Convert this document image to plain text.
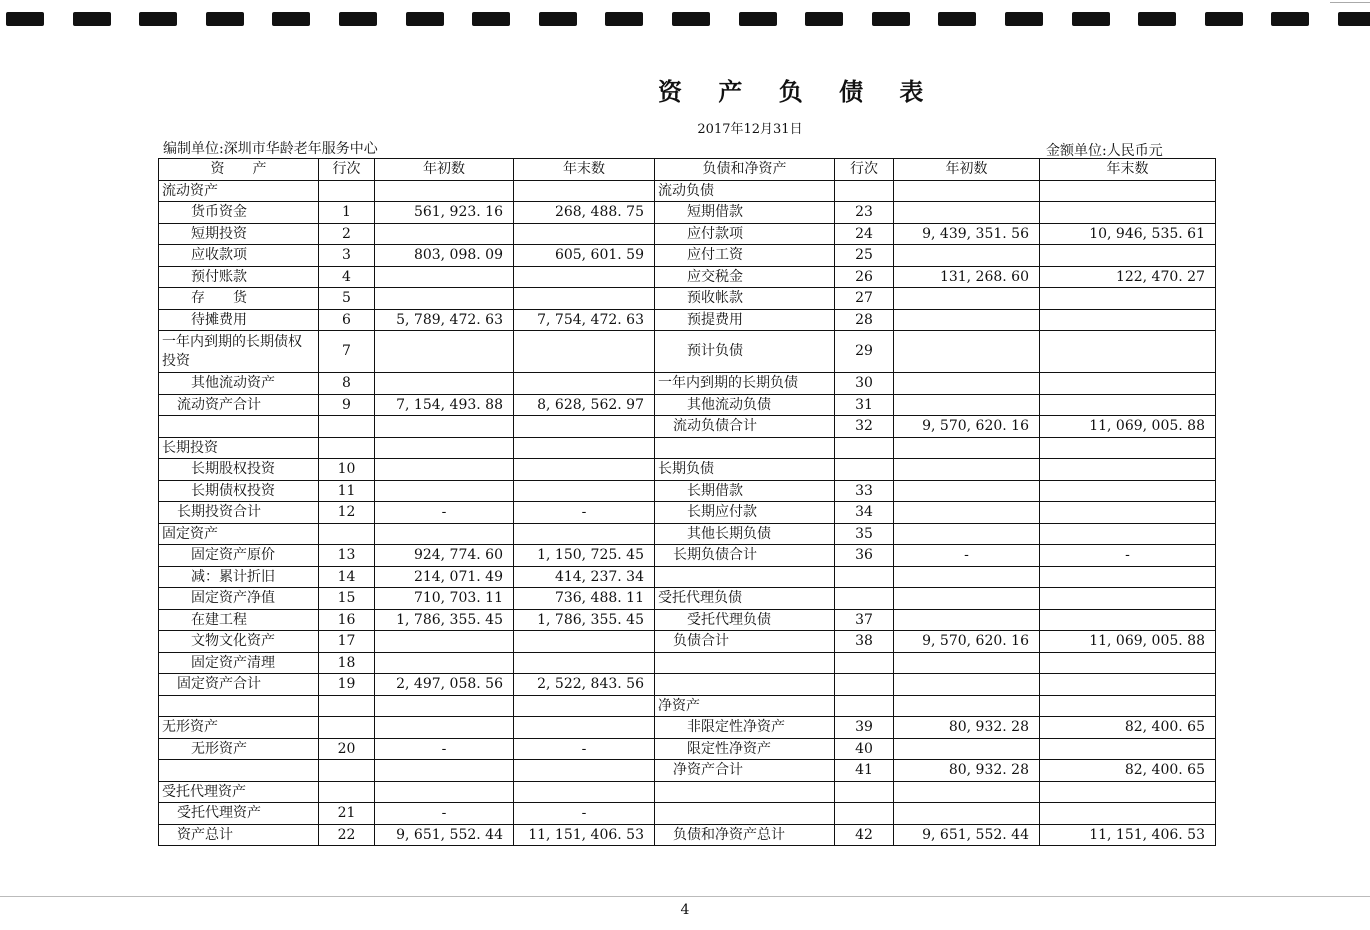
资 产 负 债 表
2017年12月31日
编制单位:深圳市华龄老年服务中心	金额单位:人民币元
资　　产	行次	年初数	年末数	负债和净资产	行次	年初数	年末数
流动资产				流动负债			
货币资金	1	561, 923. 16	268, 488. 75	短期借款	23		
短期投资	2			应付款项	24	9, 439, 351. 56	10, 946, 535. 61
应收款项	3	803, 098. 09	605, 601. 59	应付工资	25		
预付账款	4			应交税金	26	131, 268. 60	122, 470. 27
存　　货	5			预收帐款	27		
待摊费用	6	5, 789, 472. 63	7, 754, 472. 63	预提费用	28		
一年内到期的长期债权投资	7			预计负债	29		
其他流动资产	8			一年内到期的长期负债	30		
流动资产合计	9	7, 154, 493. 88	8, 628, 562. 97	其他流动负债	31		
				流动负债合计	32	9, 570, 620. 16	11, 069, 005. 88
长期投资							
长期股权投资	10			长期负债			
长期债权投资	11			长期借款	33		
长期投资合计	12	-	-	长期应付款	34		
固定资产				其他长期负债	35		
固定资产原价	13	924, 774. 60	1, 150, 725. 45	长期负债合计	36	-	-
减：累计折旧	14	214, 071. 49	414, 237. 34				
固定资产净值	15	710, 703. 11	736, 488. 11	受托代理负债			
在建工程	16	1, 786, 355. 45	1, 786, 355. 45	受托代理负债	37		
文物文化资产	17			负债合计	38	9, 570, 620. 16	11, 069, 005. 88
固定资产清理	18						
固定资产合计	19	2, 497, 058. 56	2, 522, 843. 56				
				净资产			
无形资产				非限定性净资产	39	80, 932. 28	82, 400. 65
无形资产	20	-	-	限定性净资产	40		
				净资产合计	41	80, 932. 28	82, 400. 65
受托代理资产							
受托代理资产	21	-	-				
资产总计	22	9, 651, 552. 44	11, 151, 406. 53	负债和净资产总计	42	9, 651, 552. 44	11, 151, 406. 53
4
